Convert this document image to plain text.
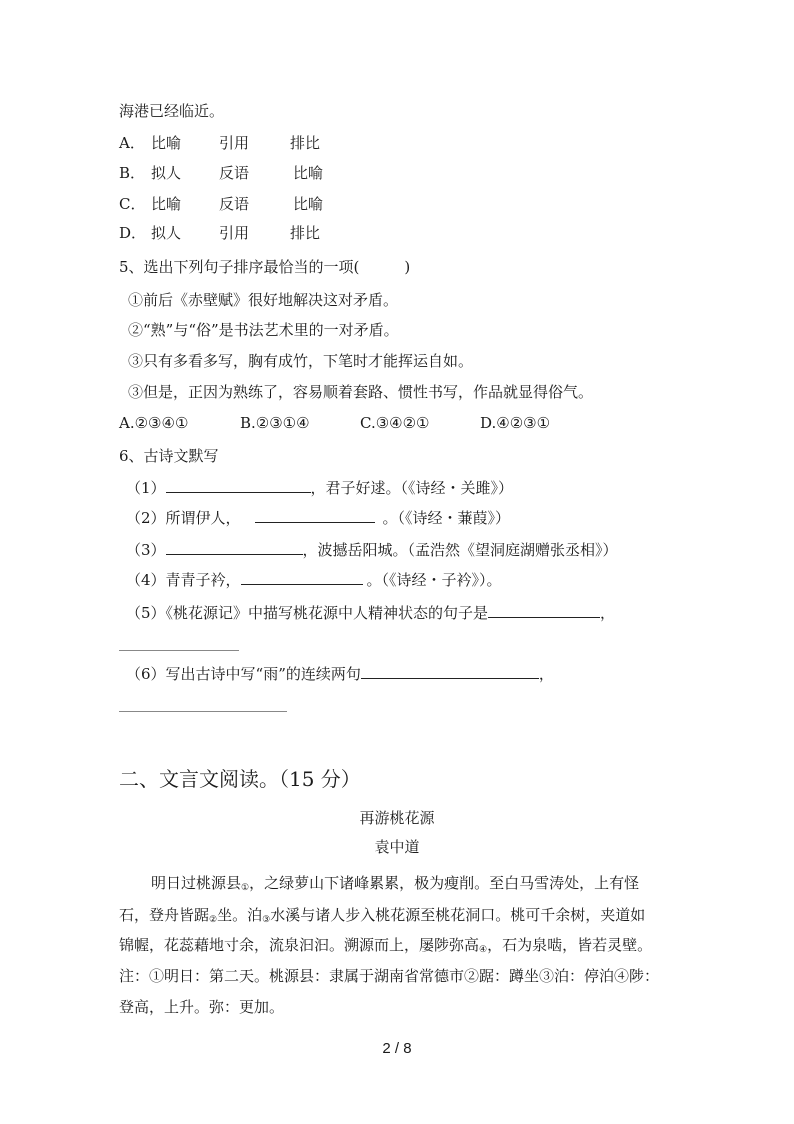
海港已经临近。
A． 比喻	引用	排比
B． 拟人	反语	比喻
C． 比喻	反语	比喻
D． 拟人	引用	排比
5、选出下列句子排序最恰当的一项(　　　)
①前后《赤壁赋》很好地解决这对矛盾。
②“熟”与“俗”是书法艺术里的一对矛盾。
③只有多看多写，胸有成竹，下笔时才能挥运自如。
③但是，正因为熟练了，容易顺着套路、惯性书写，作品就显得俗气。
A.②③④①	B.②③①④	C.③④②①	D.④②③①
6、古诗文默写
（1）	，君子好逑。（《诗经・关雎》）
（2）所谓伊人，	。（《诗经・蒹葭》）
（3）	，波撼岳阳城。（孟浩然《望洞庭湖赠张丞相》）
（4）青青子衿，	。（《诗经・子衿》）。
（5）《桃花源记》中描写桃花源中人精神状态的句子是	，
（6）写出古诗中写“雨”的连续两句	，
二、文言文阅读。（15 分）
再游桃花源
袁中道
明日过桃源县$_①$，之绿萝山下诸峰累累，极为瘦削。至白马雪涛处，上有怪
石，登舟皆踞$_②$坐。泊$_③$水溪与诸人步入桃花源至桃花洞口。桃可千余树，夹道如
锦幄，花蕊藉地寸余，流泉汩汩。溯源而上，屡陟弥高$_④$，石为泉啮，皆若灵壁。
注：①明日：第二天。桃源县：隶属于湖南省常德市②踞：蹲坐③泊：停泊④陟：
登高，上升。弥：更加。
2 / 8
